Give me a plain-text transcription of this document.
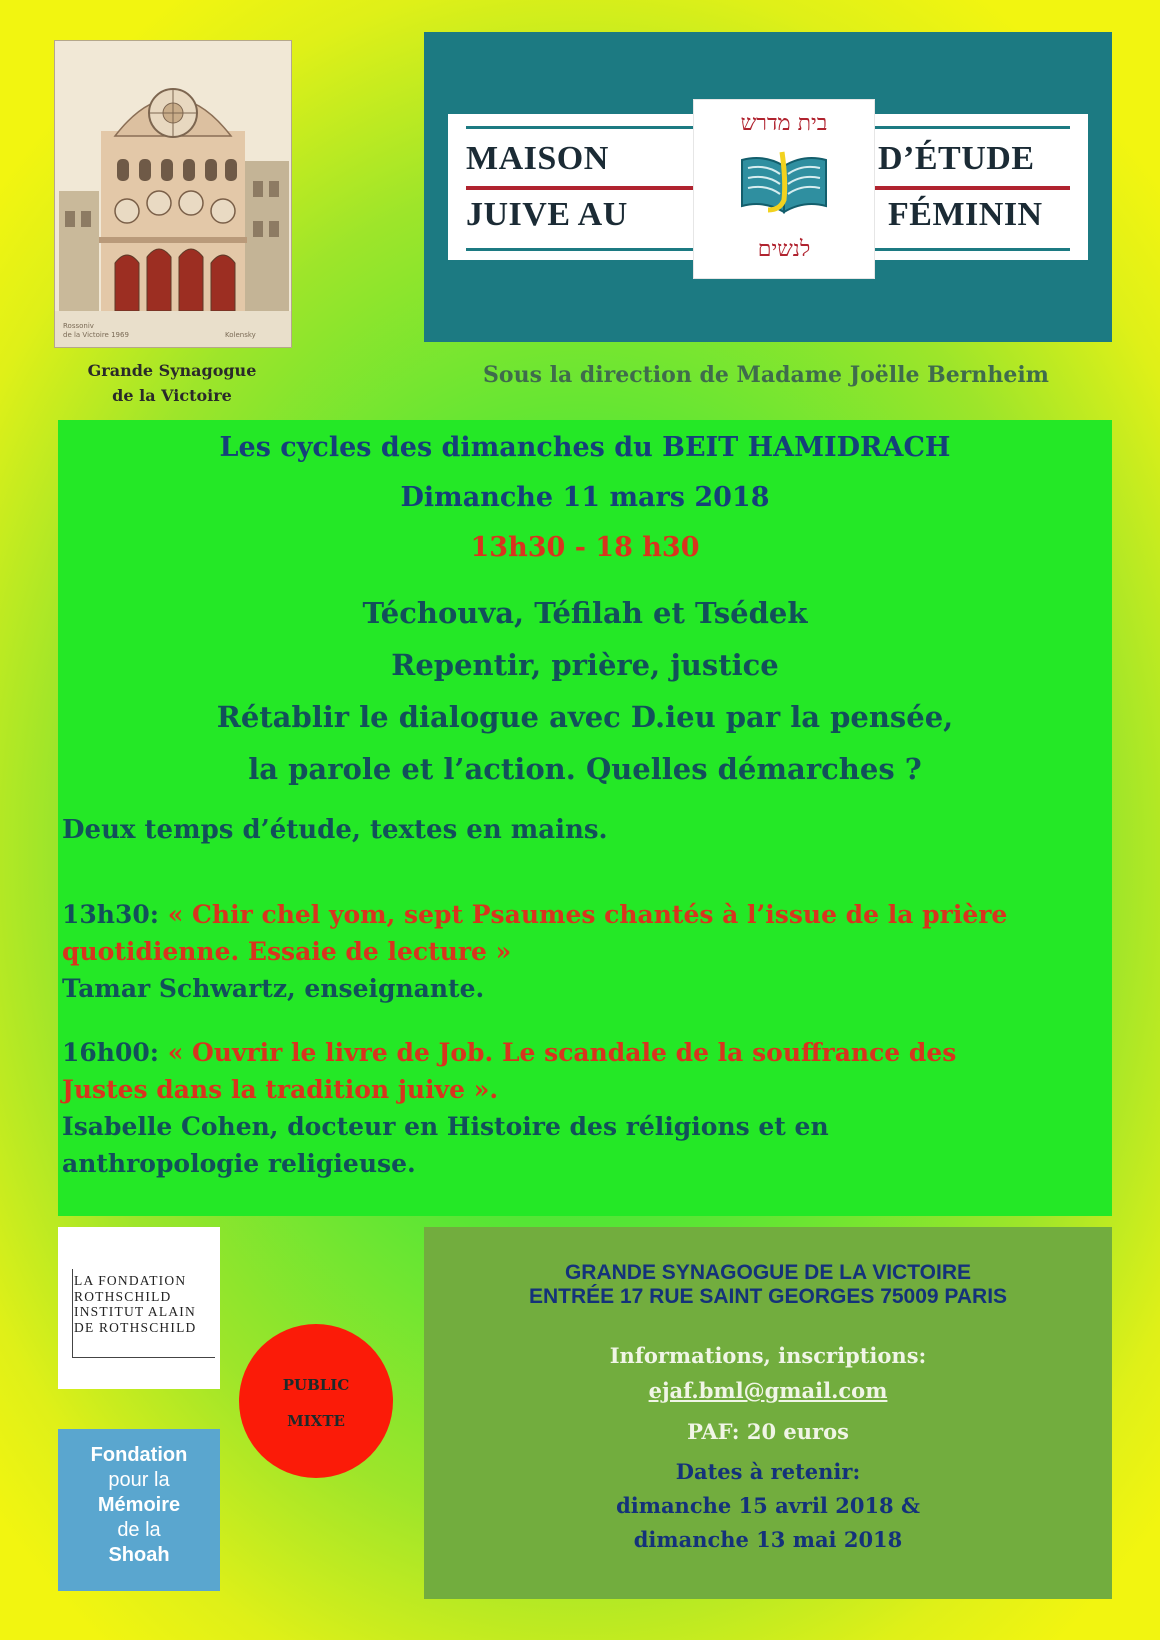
Rossoniv
de la Victoire 1969	Kolensky
Grande Synagogue
de la Victoire
MAISON
JUIVE AU
D’ÉTUDE
FÉMININ
בית מדרש
לנשים
Sous la direction de Madame Joëlle Bernheim
Les cycles des dimanches du BEIT HAMIDRACH
Dimanche 11 mars 2018
13h30 - 18 h30
Téchouva, Téfilah et Tsédek
Repentir, prière, justice
Rétablir le dialogue avec D.ieu par la pensée,
la parole et l’action. Quelles démarches ?
Deux temps d’étude, textes en mains.
13h30: « Chir chel yom, sept Psaumes chantés à l’issue de la prière
quotidienne. Essaie de lecture »
Tamar Schwartz, enseignante.
16h00: « Ouvrir le livre de Job. Le scandale de la souffrance des
Justes dans la tradition juive ».
Isabelle Cohen, docteur en Histoire des réligions et en
anthropologie religieuse.
LA FONDATION
ROTHSCHILD
INSTITUT ALAIN
DE ROTHSCHILD
Fondation
pour la
Mémoire
de la
Shoah
PUBLIC
MIXTE
GRANDE SYNAGOGUE DE LA VICTOIRE
ENTRÉE 17 RUE SAINT GEORGES 75009 PARIS
Informations, inscriptions:
ejaf.bml@gmail.com
PAF: 20 euros
Dates à retenir:
dimanche 15 avril 2018 &
dimanche 13 mai 2018
